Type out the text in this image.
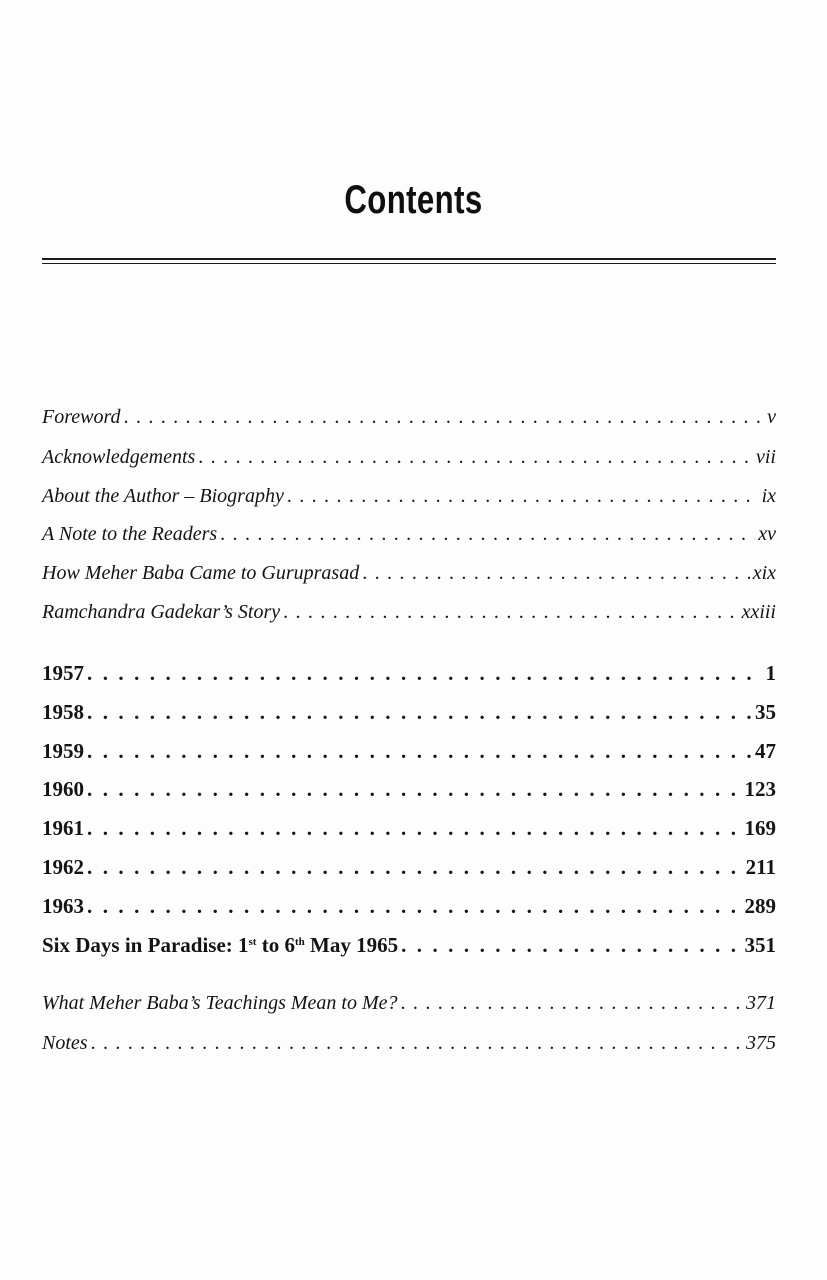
Contents
Foreword . . .	v
Acknowledgements . . .	vii
About the Author – Biography . . .	ix
A Note to the Readers . . .	xv
How Meher Baba Came to Guruprasad . . .	xix
Ramchandra Gadekar’s Story . . .	xxiii
1957 . . .	1
1958 . . .	35
1959 . . .	47
1960 . . .	123
1961 . . .	169
1962 . . .	211
1963 . . .	289
Six Days in Paradise: 1st to 6th May 1965 . . .	351
What Meher Baba’s Teachings Mean to Me? . . .	371
Notes . . .	375
